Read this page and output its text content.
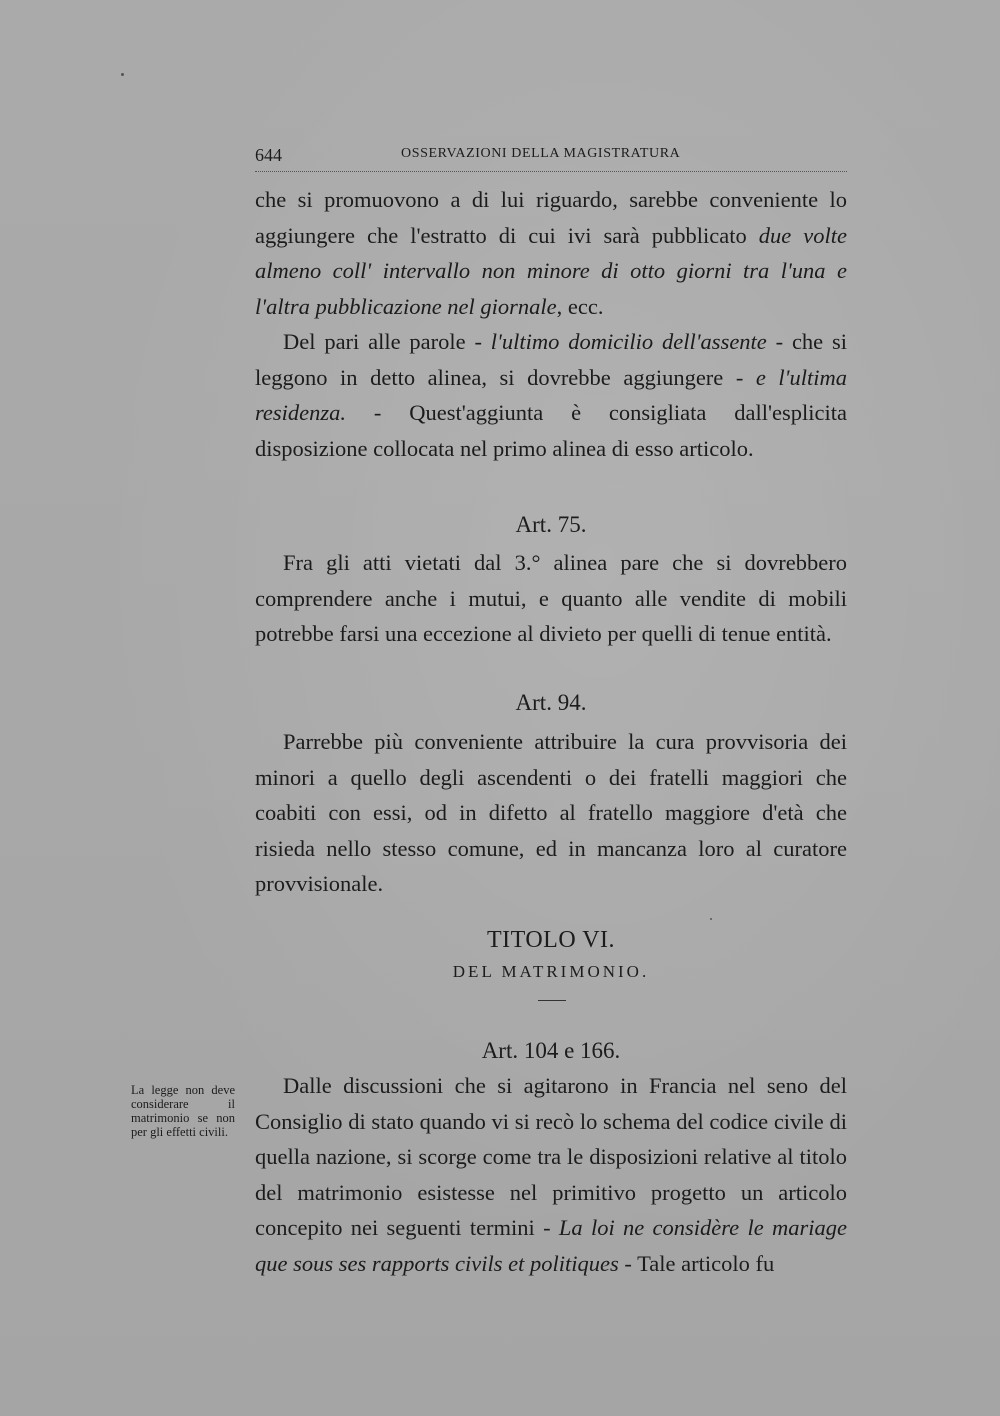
644	OSSERVAZIONI DELLA MAGISTRATURA

che si promuovono a di lui riguardo, sarebbe conveniente lo aggiungere che l'estratto di cui ivi sarà pubblicato due volte almeno coll' intervallo non minore di otto giorni tra l'una e l'altra pubblicazione nel giornale, ecc.

Del pari alle parole - l'ultimo domicilio dell'assente - che si leggono in detto alinea, si dovrebbe aggiungere - e l'ultima residenza. - Quest'aggiunta è consigliata dall'esplicita disposizione collocata nel primo alinea di esso articolo.

Art. 75.

Fra gli atti vietati dal 3.° alinea pare che si dovrebbero comprendere anche i mutui, e quanto alle vendite di mobili potrebbe farsi una eccezione al divieto per quelli di tenue entità.

Art. 94.

Parrebbe più conveniente attribuire la cura provvisoria dei minori a quello degli ascendenti o dei fratelli maggiori che coabiti con essi, od in difetto al fratello maggiore d'età che risieda nello stesso comune, ed in mancanza loro al curatore provvisionale.

TITOLO VI.
DEL MATRIMONIO.
Art. 104 e 166.

La legge non deve considerare il matrimonio se non per gli effetti civili.

Dalle discussioni che si agitarono in Francia nel seno del Consiglio di stato quando vi si recò lo schema del codice civile di quella nazione, si scorge come tra le disposizioni relative al titolo del matrimonio esistesse nel primitivo progetto un articolo concepito nei seguenti termini - La loi ne considère le mariage que sous ses rapports civils et politiques - Tale articolo fu
